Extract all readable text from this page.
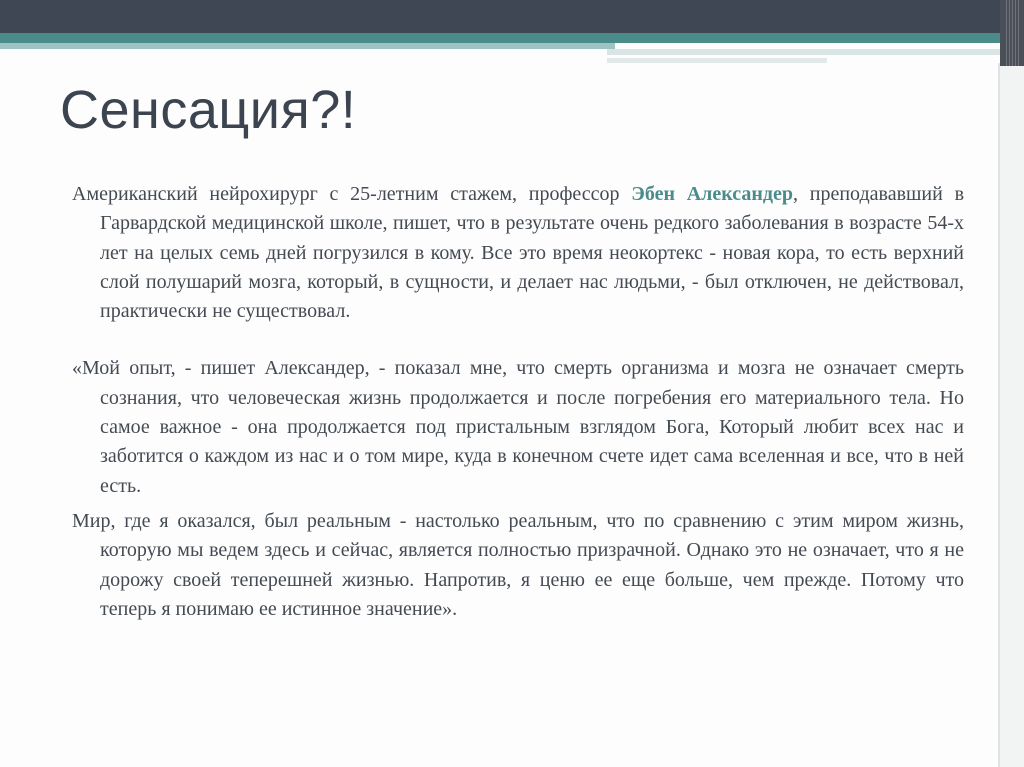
Сенсация?!

Американский нейрохирург с 25-летним стажем, профессор Эбен Александер, преподававший в Гарвардской медицинской школе, пишет, что в результате очень редкого заболевания в возрасте 54-х лет на целых семь дней погрузился в кому. Все это время неокортекс - новая кора, то есть верхний слой полушарий мозга, который, в сущности, и делает нас людьми, - был отключен, не действовал, практически не существовал.

«Мой опыт, - пишет Александер, - показал мне, что смерть организма и мозга не означает смерть сознания, что человеческая жизнь продолжается и после погребения его материального тела. Но самое важное - она продолжается под пристальным взглядом Бога, Который любит всех нас и заботится о каждом из нас и о том мире, куда в конечном счете идет сама вселенная и все, что в ней есть.

Мир, где я оказался, был реальным - настолько реальным, что по сравнению с этим миром жизнь, которую мы ведем здесь и сейчас, является полностью призрачной. Однако это не означает, что я не дорожу своей теперешней жизнью. Напротив, я ценю ее еще больше, чем прежде. Потому что теперь я понимаю ее истинное значение».
